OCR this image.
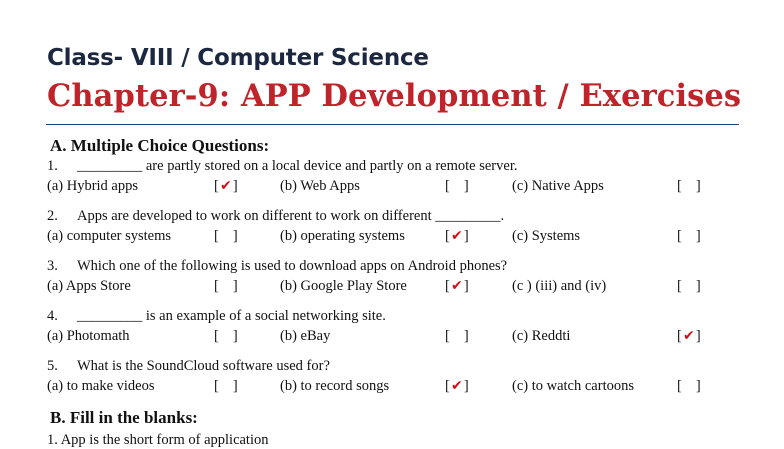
Class- VIII / Computer Science
Chapter-9: APP Development / Exercises
A. Multiple Choice Questions:
1. _________ are partly stored on a local device and partly on a remote server.
(a) Hybrid apps	[✔]	(b) Web Apps	[ ]	(c) Native Apps	[ ]
2. Apps are developed to work on different to work on different _________.
(a) computer systems	[ ]	(b) operating systems	[✔]	(c) Systems	[ ]
3. Which one of the following is used to download apps on Android phones?
(a) Apps Store	[ ]	(b) Google Play Store	[✔]	(c ) (iii) and (iv)	[ ]
4. _________ is an example of a social networking site.
(a) Photomath	[ ]	(b) eBay	[ ]	(c) Reddti	[✔]
5. What is the SoundCloud software used for?
(a) to make videos	[ ]	(b) to record songs	[✔]	(c) to watch cartoons	[ ]
B. Fill in the blanks:
1. App is the short form of application
